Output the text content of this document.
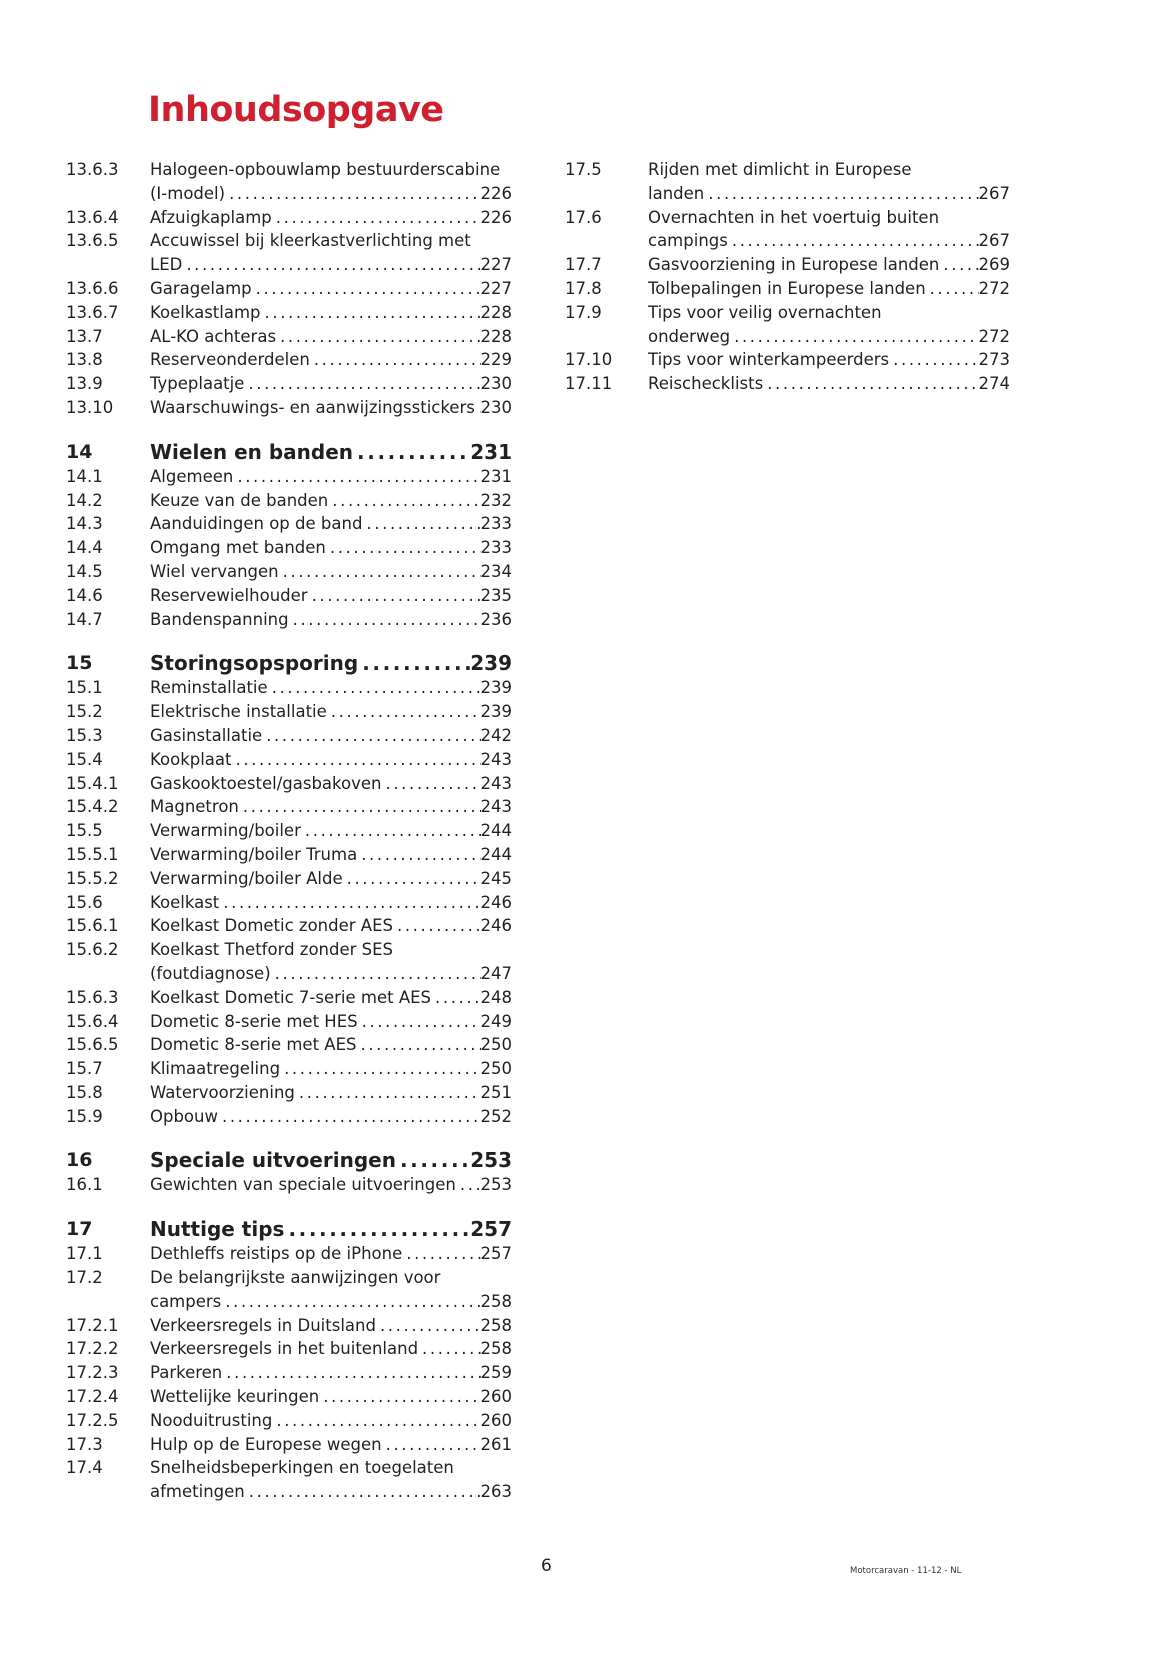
Inhoudsopgave
13.6.3	Halogeen-opbouwlamp bestuurderscabine
(I-model) .....	226
13.6.4	Afzuigkaplamp .....	226
13.6.5	Accuwissel bij kleerkastverlichting met
LED .....	227
13.6.6	Garagelamp .....	227
13.6.7	Koelkastlamp .....	228
13.7	AL-KO achteras .....	228
13.8	Reserveonderdelen .....	229
13.9	Typeplaatje .....	230
13.10	Waarschuwings- en aanwijzingsstickers ..... 230
14	Wielen en banden .....	231
14.1	Algemeen .....	231
14.2	Keuze van de banden .....	232
14.3	Aanduidingen op de band .....	233
14.4	Omgang met banden .....	233
14.5	Wiel vervangen .....	234
14.6	Reservewielhouder .....	235
14.7	Bandenspanning .....	236
15	Storingsopsporing .....	239
15.1	Reminstallatie .....	239
15.2	Elektrische installatie .....	239
15.3	Gasinstallatie .....	242
15.4	Kookplaat .....	243
15.4.1	Gaskooktoestel/gasbakoven .....	243
15.4.2	Magnetron .....	243
15.5	Verwarming/boiler .....	244
15.5.1	Verwarming/boiler Truma .....	244
15.5.2	Verwarming/boiler Alde .....	245
15.6	Koelkast .....	246
15.6.1	Koelkast Dometic zonder AES .....	246
15.6.2	Koelkast Thetford zonder SES
(foutdiagnose) .....	247
15.6.3	Koelkast Dometic 7-serie met AES .....	248
15.6.4	Dometic 8-serie met HES .....	249
15.6.5	Dometic 8-serie met AES .....	250
15.7	Klimaatregeling .....	250
15.8	Watervoorziening .....	251
15.9	Opbouw .....	252
16	Speciale uitvoeringen .....	253
16.1	Gewichten van speciale uitvoeringen ..... 253
17	Nuttige tips .....	257
17.1	Dethleffs reistips op de iPhone .....	257
17.2	De belangrijkste aanwijzingen voor
campers .....	258
17.2.1	Verkeersregels in Duitsland .....	258
17.2.2	Verkeersregels in het buitenland .....	258
17.2.3	Parkeren .....	259
17.2.4	Wettelijke keuringen .....	260
17.2.5	Nooduitrusting .....	260
17.3	Hulp op de Europese wegen .....	261
17.4	Snelheidsbeperkingen en toegelaten
afmetingen .....	263
17.5	Rijden met dimlicht in Europese
landen .....	267
17.6	Overnachten in het voertuig buiten
campings .....	267
17.7	Gasvoorziening in Europese landen ..... 269
17.8	Tolbepalingen in Europese landen .....	272
17.9	Tips voor veilig overnachten
onderweg .....	272
17.10	Tips voor winterkampeerders .....	273
17.11	Reischecklists .....	274
6	Motorcaravan - 11-12 - NL
